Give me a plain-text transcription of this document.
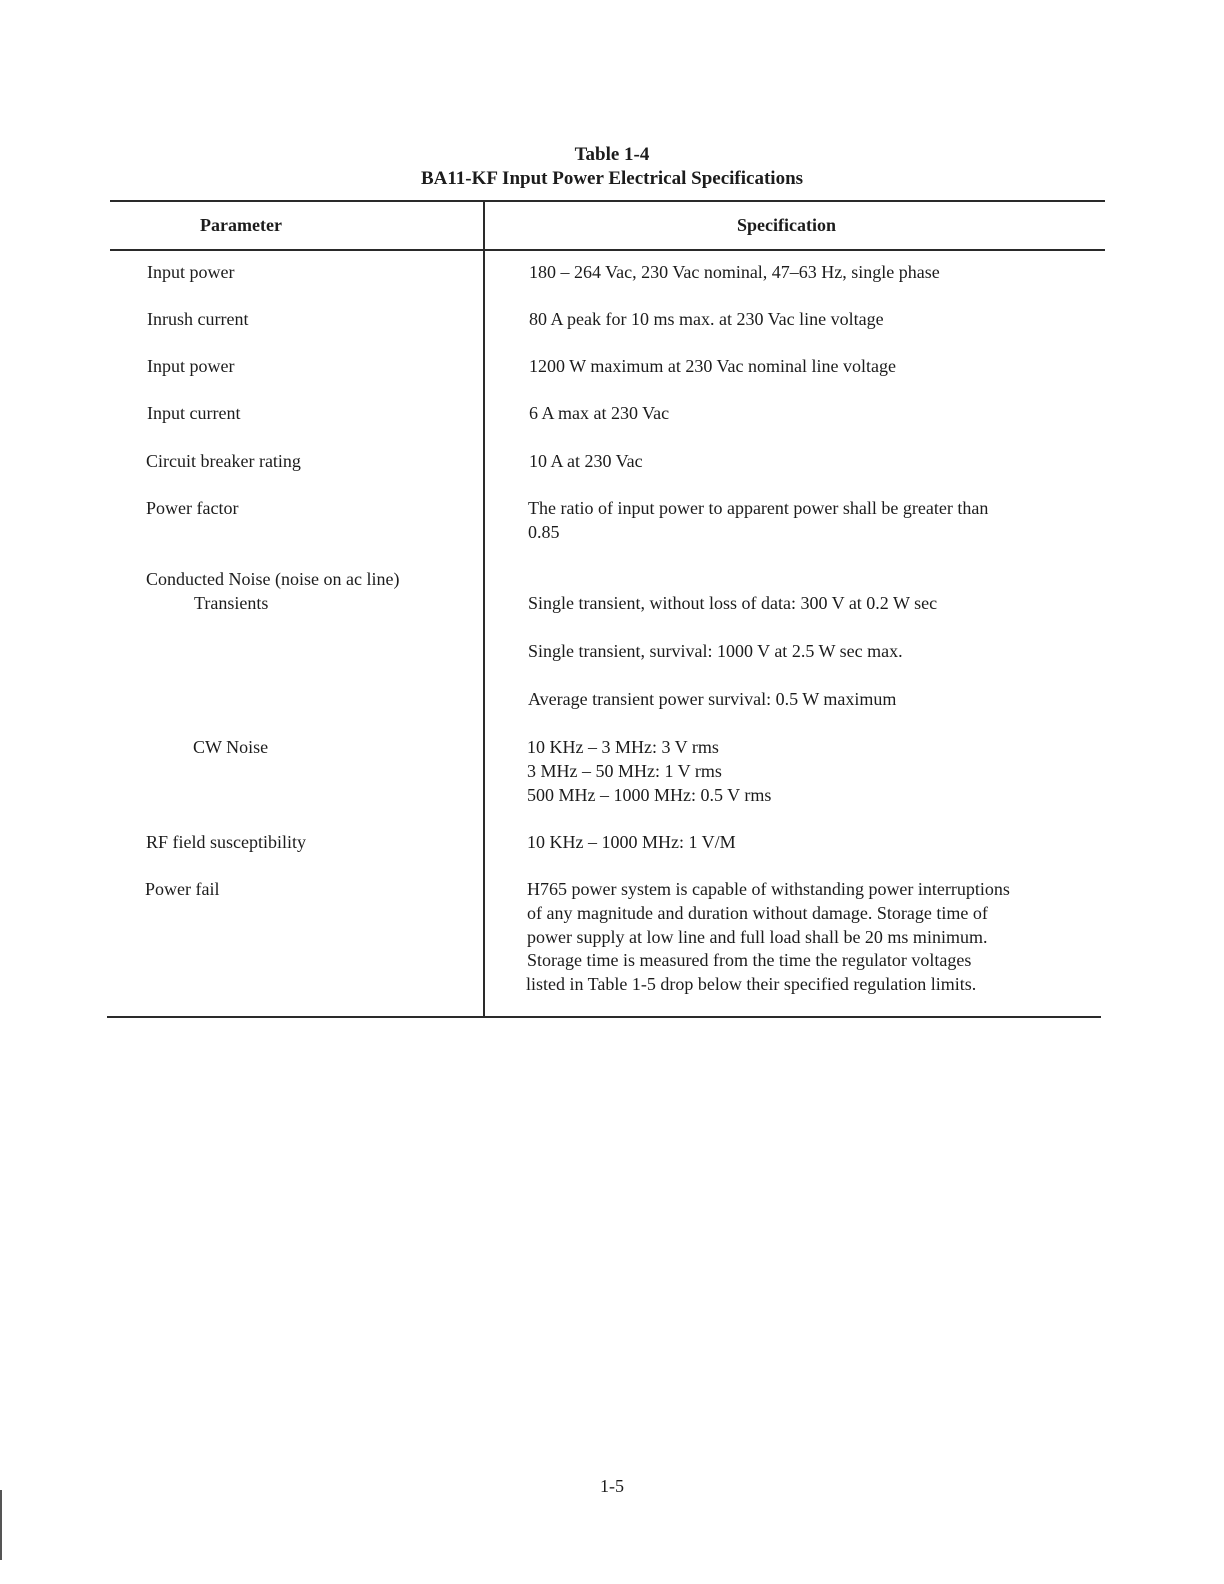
Table 1-4
BA11-KF Input Power Electrical Specifications
Parameter	Specification
Input power
Inrush current
Input power
Input current
Circuit breaker rating
Power factor
Conducted Noise (noise on ac line)
Transients
CW Noise
RF field susceptibility
Power fail
180 – 264 Vac, 230 Vac nominal, 47–63 Hz, single phase
80 A peak for 10 ms max. at 230 Vac line voltage
1200 W maximum at 230 Vac nominal line voltage
6 A max at 230 Vac
10 A at 230 Vac
The ratio of input power to apparent power shall be greater than
0.85
Single transient, without loss of data: 300 V at 0.2 W sec
Single transient, survival: 1000 V at 2.5 W sec max.
Average transient power survival: 0.5 W maximum
10 KHz – 3 MHz: 3 V rms
3 MHz – 50 MHz: 1 V rms
500 MHz – 1000 MHz: 0.5 V rms
10 KHz – 1000 MHz: 1 V/M
H765 power system is capable of withstanding power interruptions
of any magnitude and duration without damage. Storage time of
power supply at low line and full load shall be 20 ms minimum.
Storage time is measured from the time the regulator voltages
listed in Table 1-5 drop below their specified regulation limits.
1-5
